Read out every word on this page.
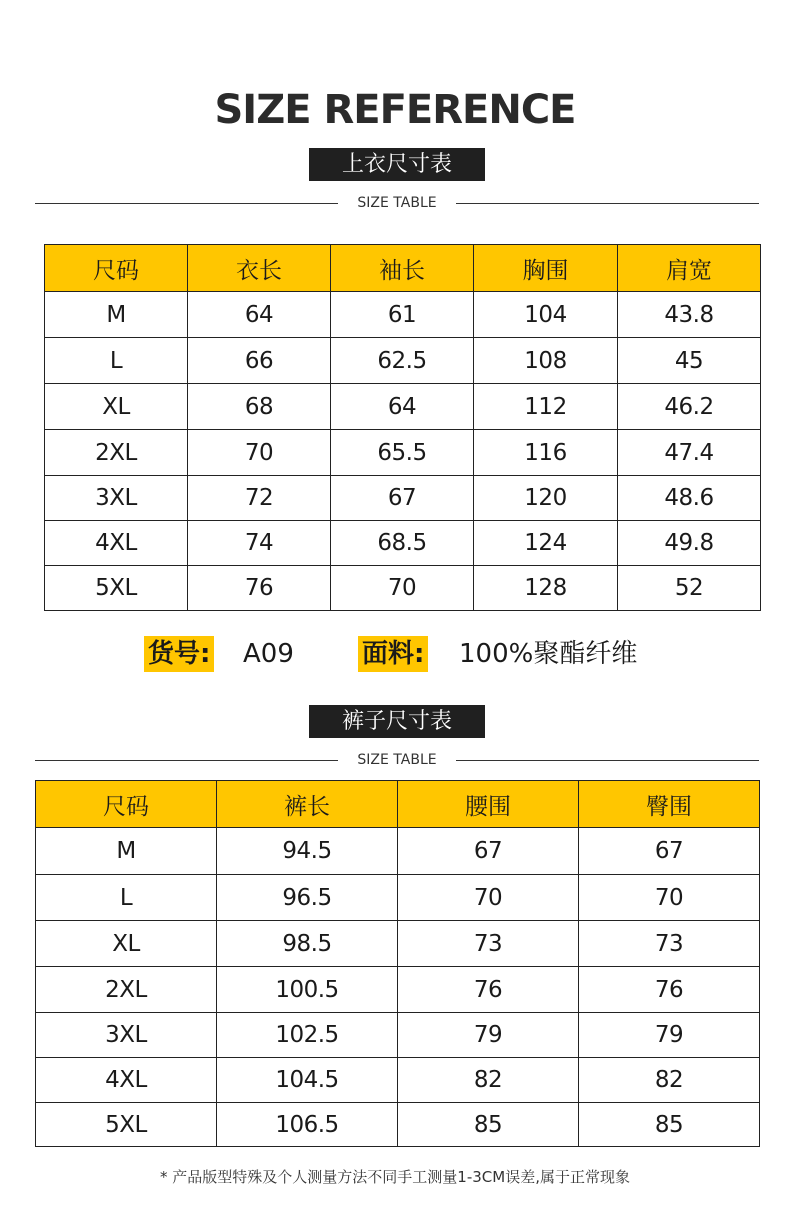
SIZE REFERENCE
上衣尺寸表
SIZE TABLE
尺码	衣长	袖长	胸围	肩宽
M	64	61	104	43.8
L	66	62.5	108	45
XL	68	64	112	46.2
2XL	70	65.5	116	47.4
3XL	72	67	120	48.6
4XL	74	68.5	124	49.8
5XL	76	70	128	52
货号: A09	面料: 100%聚酯纤维
裤子尺寸表
SIZE TABLE
尺码	裤长	腰围	臀围
M	94.5	67	67
L	96.5	70	70
XL	98.5	73	73
2XL	100.5	76	76
3XL	102.5	79	79
4XL	104.5	82	82
5XL	106.5	85	85
* 产品版型特殊及个人测量方法不同手工测量1-3CM误差,属于正常现象
